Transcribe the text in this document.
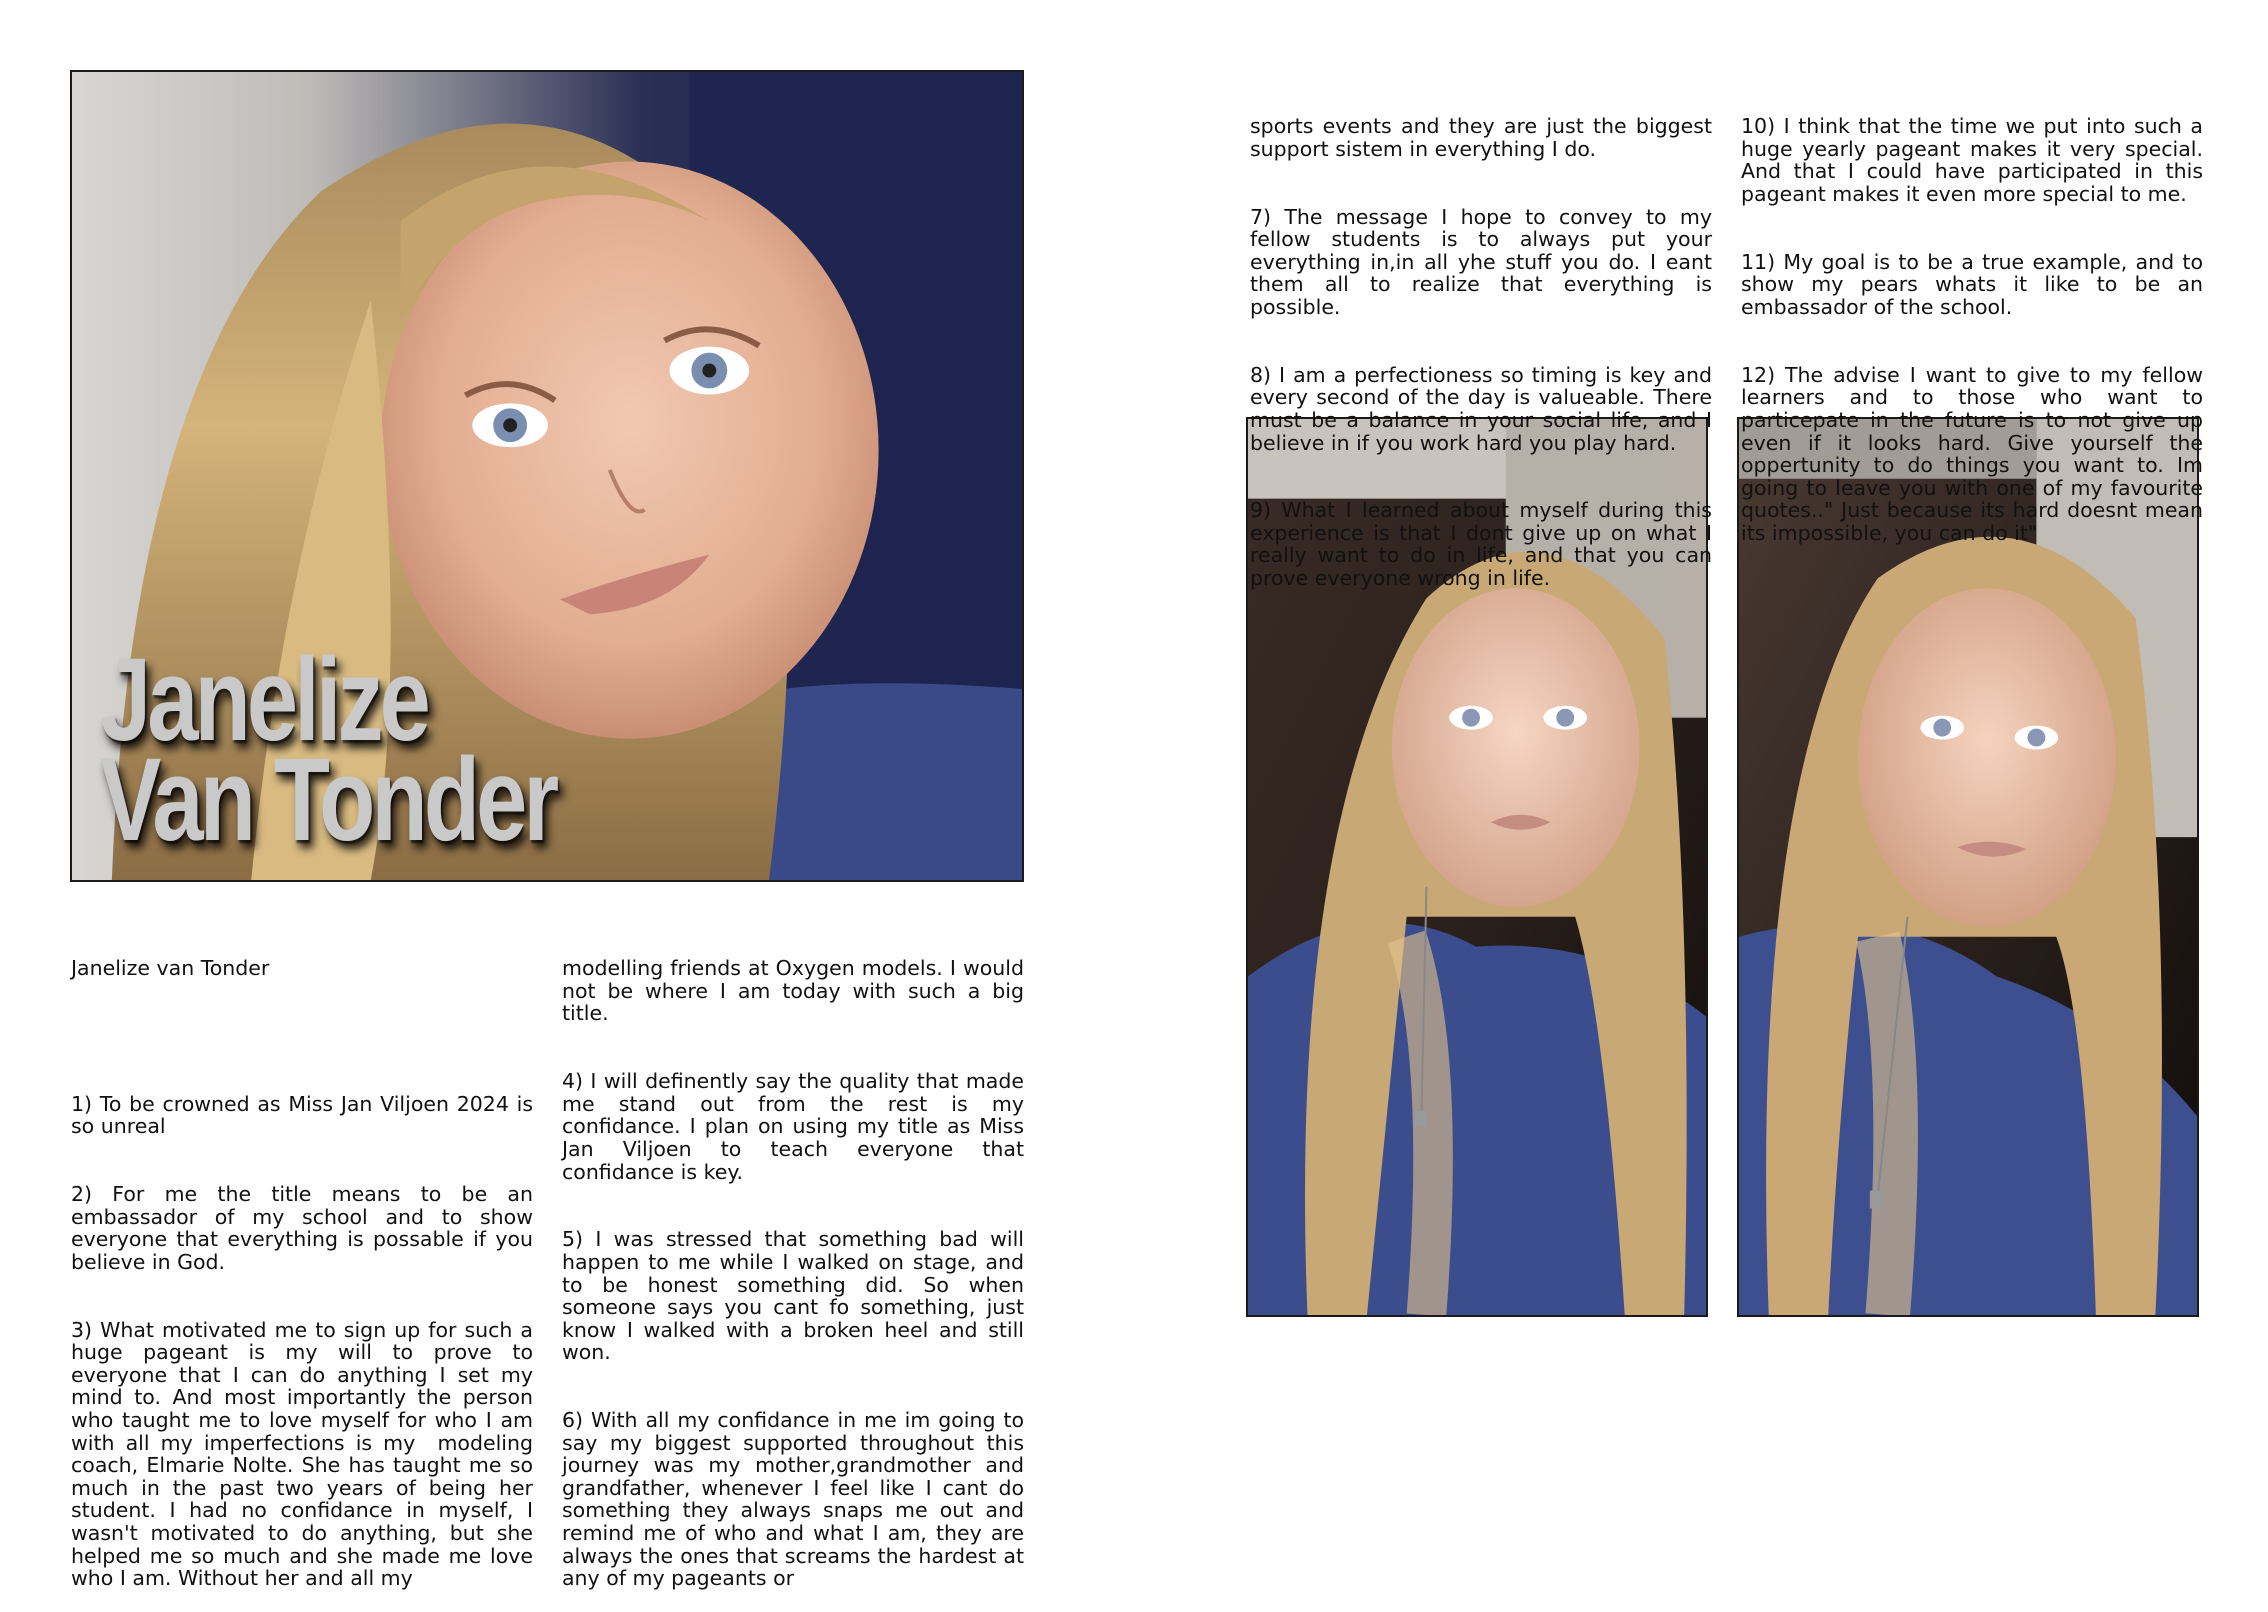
Janelize
Van Tonder

Janelize van Tonder

1) To be crowned as Miss Jan Viljoen 2024 is so unreal

2) For me the title means to be an embassador of my school and to show everyone that everything is possable if you believe in God.

3) What motivated me to sign up for such a huge pageant is my will to prove to everyone that I can do anything I set my mind to. And most importantly the person who taught me to love myself for who I am with all my imperfections is my  modeling coach, Elmarie Nolte. She has taught me so much in the past two years of being her student. I had no confidance in myself, I wasn't motivated to do anything, but she helped me so much and she made me love who I am. Without her and all my

modelling friends at Oxygen models. I would not be where I am today with such a big title.

4) I will definently say the quality that made me stand out from the rest is my confidance. I plan on using my title as Miss Jan Viljoen to teach everyone that confidance is key.

5) I was stressed that something bad will happen to me while I walked on stage, and to be honest something did. So when someone says you cant fo something, just know I walked with a broken heel and still won.

6) With all my confidance in me im going to say my biggest supported throughout this journey was my mother,grandmother and grandfather, whenever I feel like I cant do something they always snaps me out and remind me of who and what I am, they are always the ones that screams the hardest at any of my pageants or

sports events and they are just the biggest support sistem in everything I do.

7) The message I hope to convey to my fellow students is to always put your everything in,in all yhe stuff you do. I eant them all to realize that everything is possible.

8) I am a perfectioness so timing is key and every second of the day is valueable. There must be a balance in your social life, and I believe in if you work hard you play hard.

9) What I learned about myself during this experience is that I dont give up on what I really want to do in life, and that you can prove everyone wrong in life.

10) I think that the time we put into such a huge yearly pageant makes it very special. And that I could have participated in this pageant makes it even more special to me.

11) My goal is to be a true example, and to show my pears whats it like to be an embassador of the school.

12) The advise I want to give to my fellow learners and to those who want to particepate in the future is to not give up even if it looks hard. Give yourself the oppertunity to do things you want to. Im going to leave you with one of my favourite quotes.." Just because its hard doesnt mean its impossible, you can do it"
